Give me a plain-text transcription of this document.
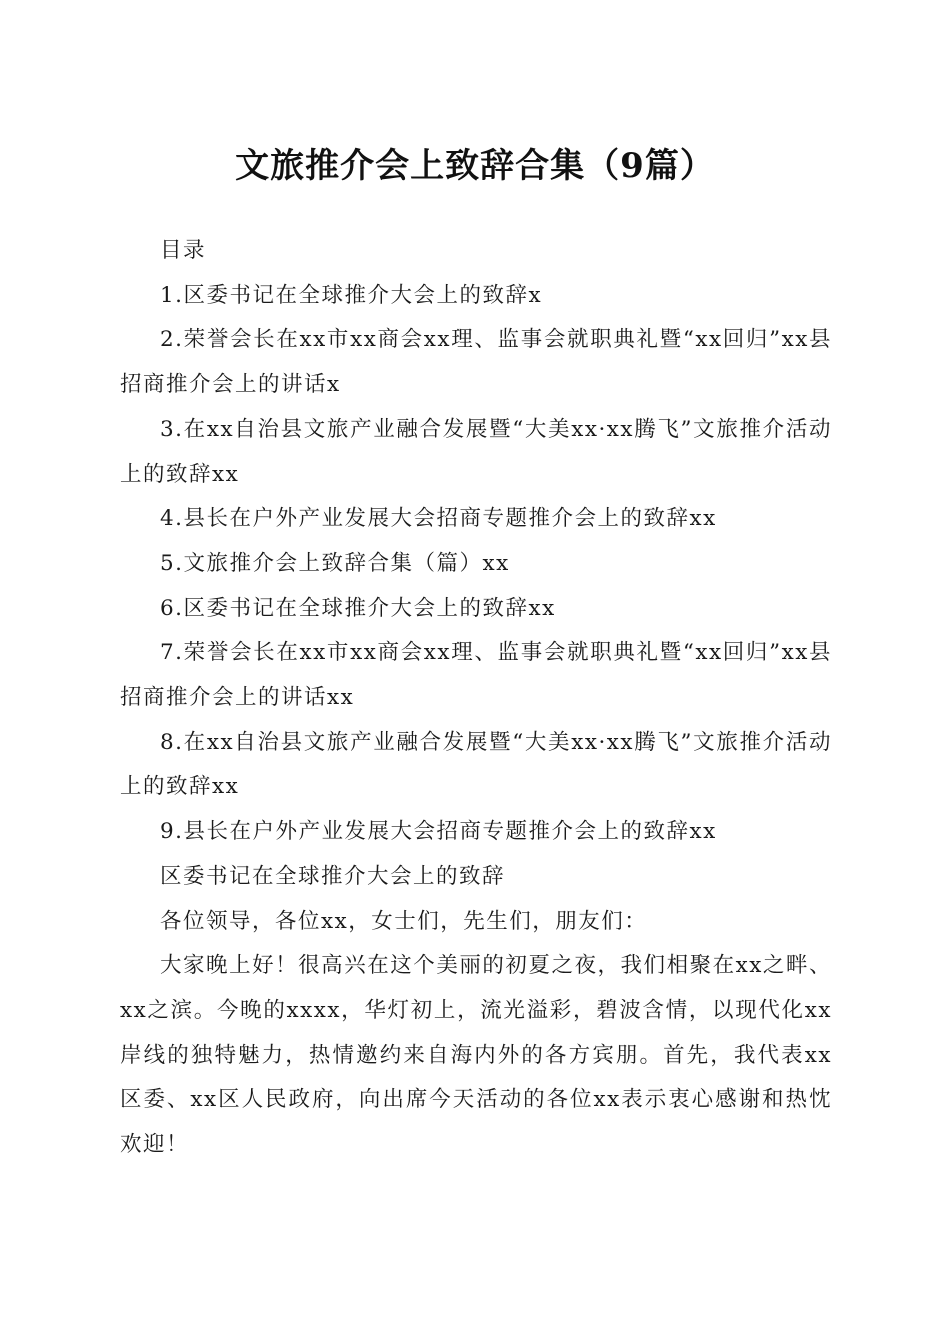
文旅推介会上致辞合集（9篇）

目录

1.区委书记在全球推介大会上的致辞x

2.荣誉会长在xx市xx商会xx理、监事会就职典礼暨“xx回归”xx县招商推介会上的讲话x

3.在xx自治县文旅产业融合发展暨“大美xx·xx腾飞”文旅推介活动上的致辞xx

4.县长在户外产业发展大会招商专题推介会上的致辞xx

5.文旅推介会上致辞合集（篇）xx

6.区委书记在全球推介大会上的致辞xx

7.荣誉会长在xx市xx商会xx理、监事会就职典礼暨“xx回归”xx县招商推介会上的讲话xx

8.在xx自治县文旅产业融合发展暨“大美xx·xx腾飞”文旅推介活动上的致辞xx

9.县长在户外产业发展大会招商专题推介会上的致辞xx

区委书记在全球推介大会上的致辞

各位领导，各位xx，女士们，先生们，朋友们：

大家晚上好！很高兴在这个美丽的初夏之夜，我们相聚在xx之畔、xx之滨。今晚的xxxx，华灯初上，流光溢彩，碧波含情，以现代化xx岸线的独特魅力，热情邀约来自海内外的各方宾朋。首先，我代表xx区委、xx区人民政府，向出席今天活动的各位xx表示衷心感谢和热忱欢迎！
